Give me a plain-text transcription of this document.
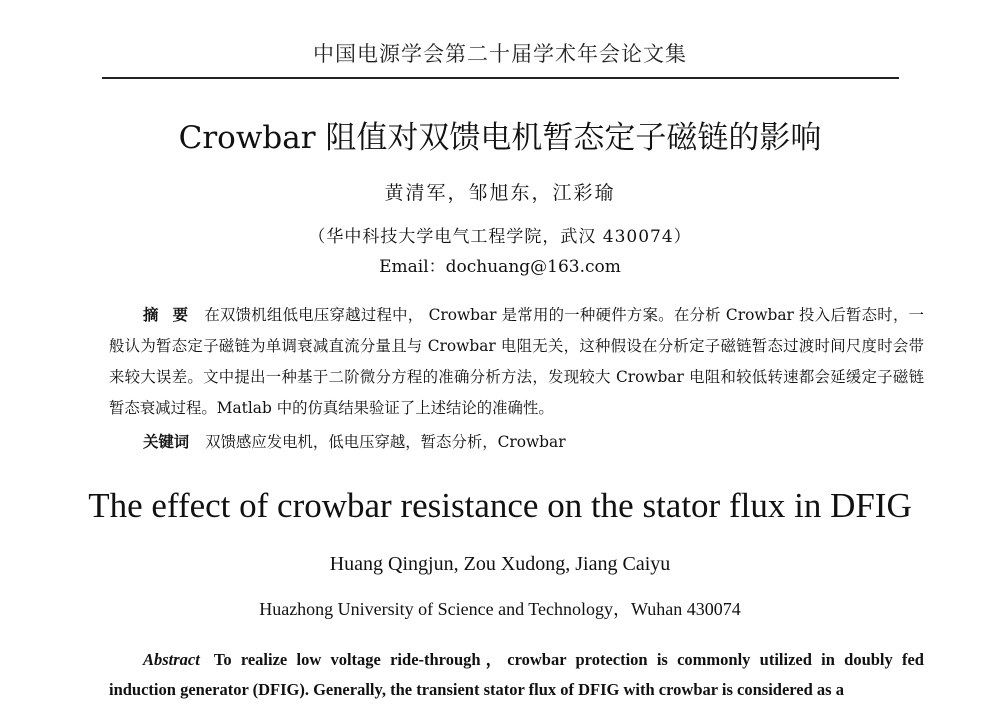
中国电源学会第二十届学术年会论文集
Crowbar 阻值对双馈电机暂态定子磁链的影响
黄清军，邹旭东，江彩瑜
（华中科技大学电气工程学院，武汉 430074）
Email：dochuang@163.com
摘要 在双馈机组低电压穿越过程中， Crowbar 是常用的一种硬件方案。在分析 Crowbar 投入后暂态时，一般认为暂态定子磁链为单调衰减直流分量且与 Crowbar 电阻无关，这种假设在分析定子磁链暂态过渡时间尺度时会带来较大误差。文中提出一种基于二阶微分方程的准确分析方法，发现较大 Crowbar 电阻和较低转速都会延缓定子磁链暂态衰减过程。Matlab 中的仿真结果验证了上述结论的准确性。
关键词 双馈感应发电机，低电压穿越，暂态分析，Crowbar
The effect of crowbar resistance on the stator flux in DFIG
Huang Qingjun, Zou Xudong, Jiang Caiyu
Huazhong University of Science and Technology，Wuhan 430074
Abstract To realize low voltage ride-through，crowbar protection is commonly utilized in doubly fed induction generator (DFIG). Generally, the transient stator flux of DFIG with crowbar is considered as a
